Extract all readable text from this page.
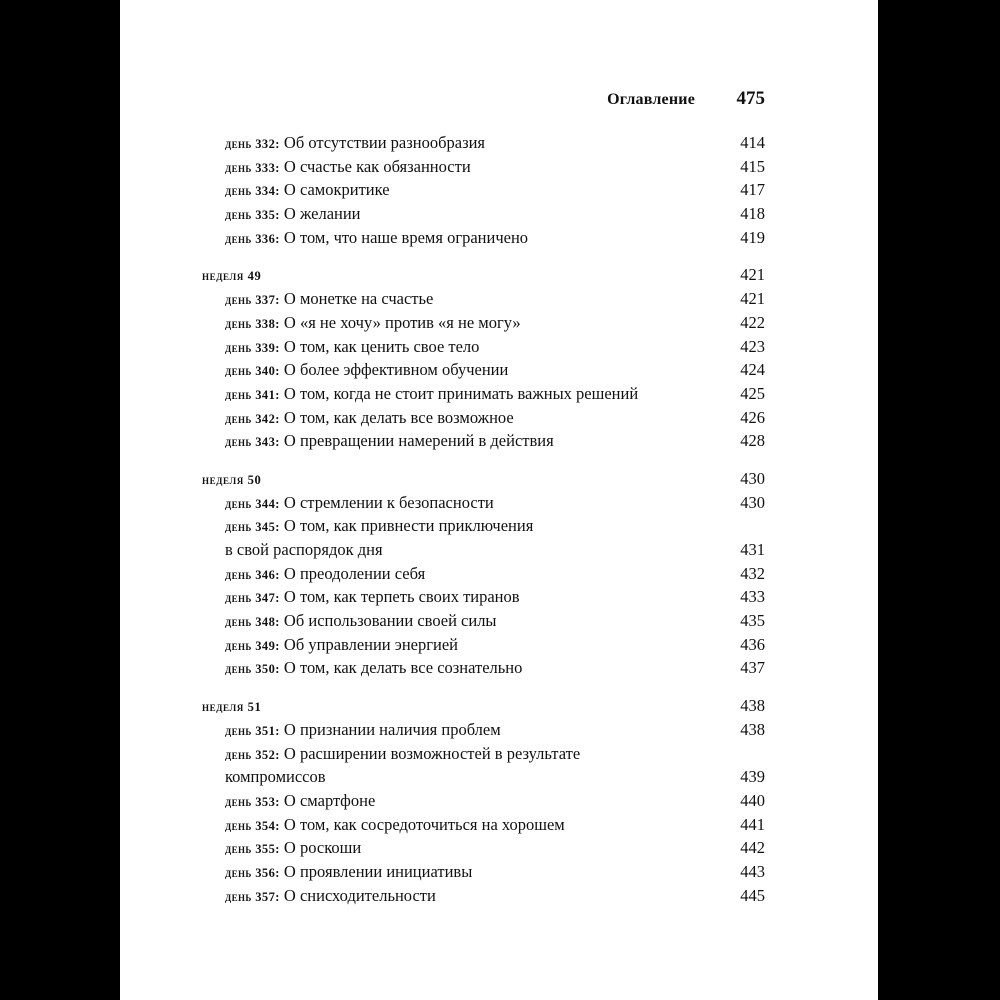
Оглавление 475
день 332: Об отсутствии разнообразия	414
день 333: О счастье как обязанности	415
день 334: О самокритике	417
день 335: О желании	418
день 336: О том, что наше время ограничено	419
неделя 49	421
день 337: О монетке на счастье	421
день 338: О «я не хочу» против «я не могу»	422
день 339: О том, как ценить свое тело	423
день 340: О более эффективном обучении	424
день 341: О том, когда не стоит принимать важных решений	425
день 342: О том, как делать все возможное	426
день 343: О превращении намерений в действия	428
неделя 50	430
день 344: О стремлении к безопасности	430
день 345: О том, как привнести приключения
в свой распорядок дня	431
день 346: О преодолении себя	432
день 347: О том, как терпеть своих тиранов	433
день 348: Об использовании своей силы	435
день 349: Об управлении энергией	436
день 350: О том, как делать все сознательно	437
неделя 51	438
день 351: О признании наличия проблем	438
день 352: О расширении возможностей в результате
компромиссов	439
день 353: О смартфоне	440
день 354: О том, как сосредоточиться на хорошем	441
день 355: О роскоши	442
день 356: О проявлении инициативы	443
день 357: О снисходительности	445
